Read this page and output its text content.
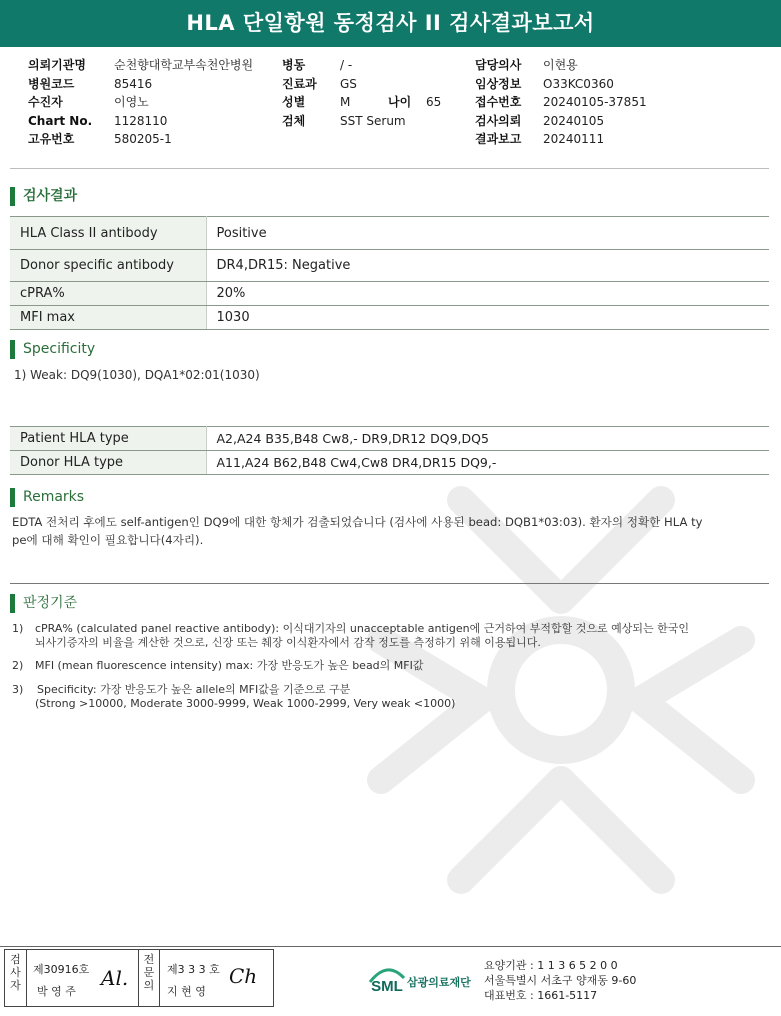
HLA 단일항원 동정검사 II 검사결과보고서
의뢰기관명 순천향대학교부속천안병원
병원코드	85416
수진자	이영노
Chart No. 1128110
고유번호	580205-1
병동	/ -
진료과 GS
성별	M	나이 65
검체	SST Serum
담당의사 이현용
임상정보 O33KC0360
접수번호 20240105-37851
검사의뢰 20240105
결과보고 20240111
검사결과
HLA Class II antibody	Positive
Donor specific antibody	DR4,DR15: Negative
cPRA%	20%
MFI max	1030
Specificity
1) Weak: DQ9(1030), DQA1*02:01(1030)
Patient HLA type	A2,A24 B35,B48 Cw8,- DR9,DR12 DQ9,DQ5
Donor HLA type	A11,A24 B62,B48 Cw4,Cw8 DR4,DR15 DQ9,-
Remarks
EDTA 전처리 후에도 self-antigen인 DQ9에 대한 항체가 검출되었습니다 (검사에 사용된 bead: DQB1*03:03). 환자의 정확한 HLA ty
pe에 대해 확인이 필요합니다(4자리).
판정기준
1) cPRA% (calculated panel reactive antibody): 이식대기자의 unacceptable antigen에 근거하여 부적합할 것으로 예상되는 한국인
뇌사기증자의 비율을 계산한 것으로, 신장 또는 췌장 이식환자에서 감작 정도를 측정하기 위해 이용됩니다.
2) MFI (mean fluorescence intensity) max: 가장 반응도가 높은 bead의 MFI값
3) Specificity: 가장 반응도가 높은 allele의 MFI값을 기준으로 구분
(Strong >10000, Moderate 3000-9999, Weak 1000-2999, Very weak <1000)
검사자
제30916호
박 영 주
Al.
전문의
제3 3 3 호
지 현 영
Ch	SML 삼광의료재단
요양기관 : 1 1 3 6 5 2 0 0
서울특별시 서초구 양재동 9-60
대표번호 : 1661-5117
